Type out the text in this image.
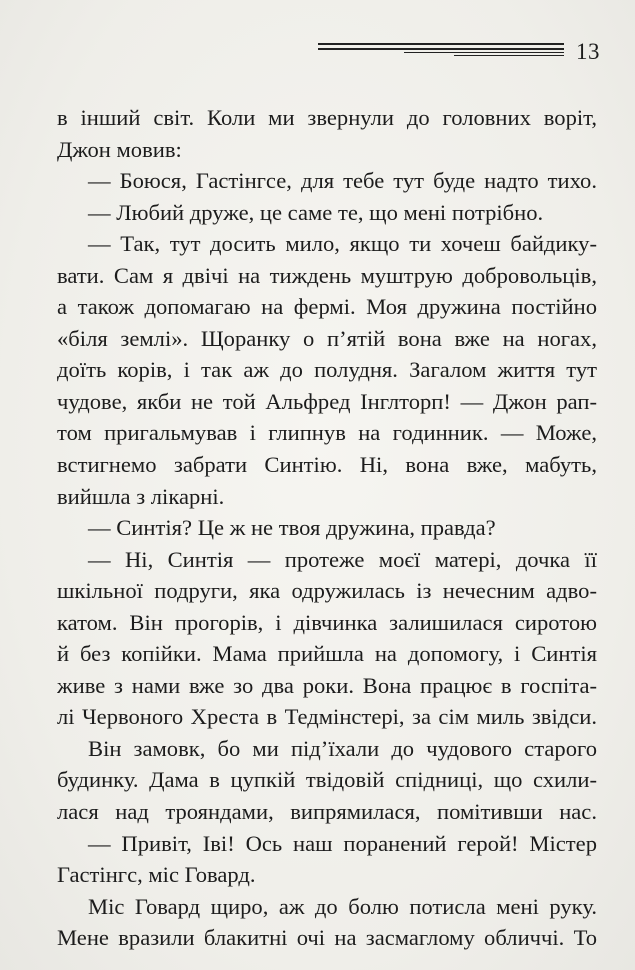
13
в інший світ. Коли ми звернули до головних воріт,
Джон мовив:
— Боюся, Гастінгсе, для тебе тут буде надто тихо.
— Любий друже, це саме те, що мені потрібно.
— Так, тут досить мило, якщо ти хочеш байдику-
вати. Сам я двічі на тиждень муштрую добровольців,
а також допомагаю на фермі. Моя дружина постійно
«біля землі». Щоранку о п’ятій вона вже на ногах,
доїть корів, і так аж до полудня. Загалом життя тут
чудове, якби не той Альфред Інглторп! — Джон рап-
том пригальмував і глипнув на годинник. — Може,
встигнемо забрати Синтію. Ні, вона вже, мабуть,
вийшла з лікарні.
— Синтія? Це ж не твоя дружина, правда?
— Ні, Синтія — протеже моєї матері, дочка її
шкільної подруги, яка одружилась із нечесним адво-
катом. Він прогорів, і дівчинка залишилася сиротою
й без копійки. Мама прийшла на допомогу, і Синтія
живе з нами вже зо два роки. Вона працює в госпіта-
лі Червоного Хреста в Тедмінстері, за сім миль звідси.
Він замовк, бо ми під’їхали до чудового старого
будинку. Дама в цупкій твідовій спідниці, що схили-
лася над трояндами, випрямилася, помітивши нас.
— Привіт, Іві! Ось наш поранений герой! Містер
Гастінгс, міс Говард.
Міс Говард щиро, аж до болю потисла мені руку.
Мене вразили блакитні очі на засмаглому обличчі. То
